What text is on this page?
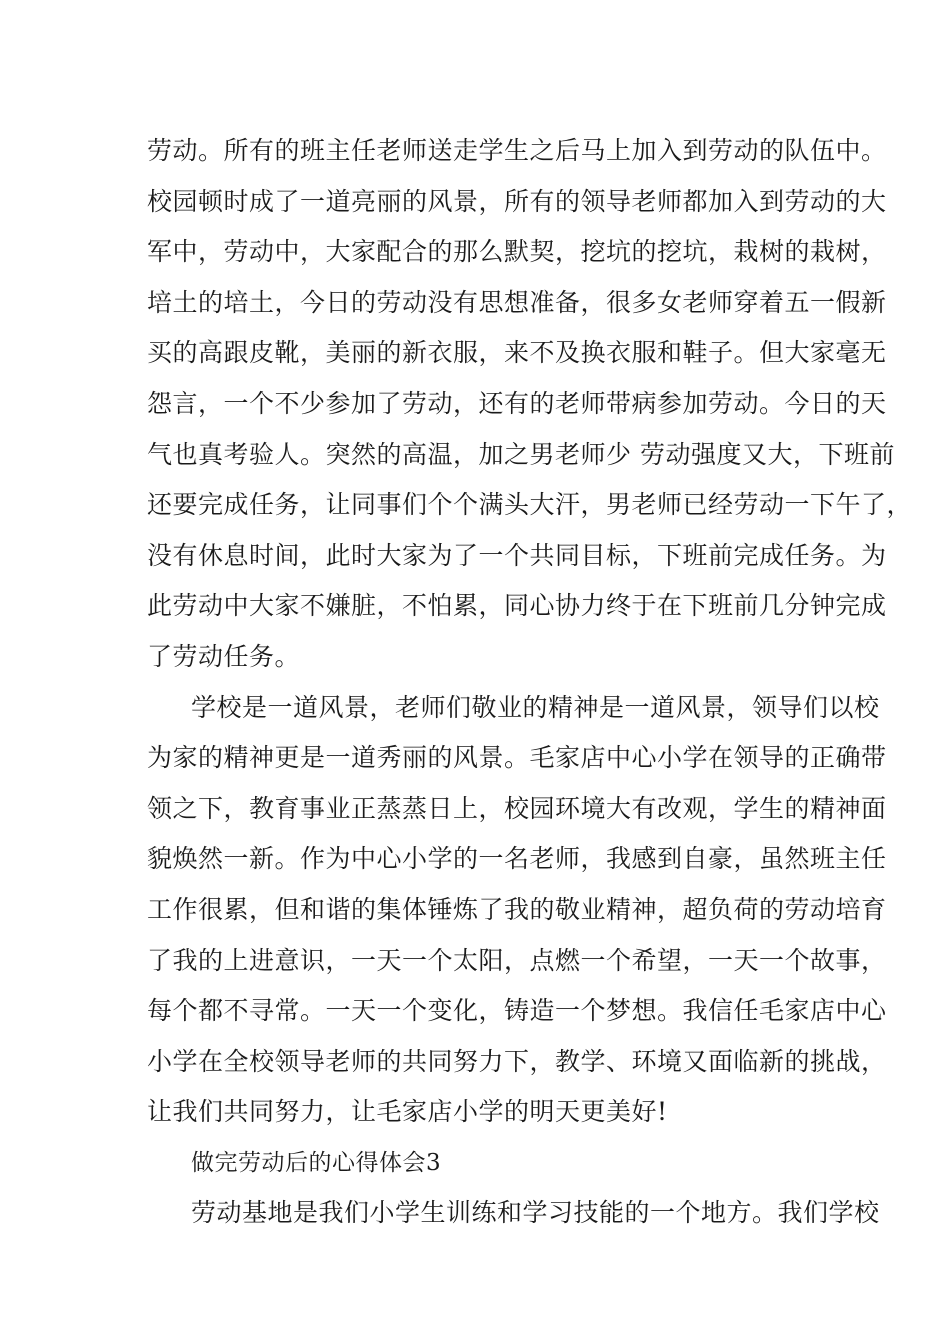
劳动。所有的班主任老师送走学生之后马上加入到劳动的队伍中。
校园顿时成了一道亮丽的风景，所有的领导老师都加入到劳动的大
军中，劳动中，大家配合的那么默契，挖坑的挖坑，栽树的栽树，
培土的培土，今日的劳动没有思想准备，很多女老师穿着五一假新
买的高跟皮靴，美丽的新衣服，来不及换衣服和鞋子。但大家毫无
怨言，一个不少参加了劳动，还有的老师带病参加劳动。今日的天
气也真考验人。突然的高温，加之男老师少 劳动强度又大，下班前
还要完成任务，让同事们个个满头大汗，男老师已经劳动一下午了，
没有休息时间，此时大家为了一个共同目标，下班前完成任务。为
此劳动中大家不嫌脏，不怕累，同心协力终于在下班前几分钟完成
了劳动任务。
学校是一道风景，老师们敬业的精神是一道风景，领导们以校
为家的精神更是一道秀丽的风景。毛家店中心小学在领导的正确带
领之下，教育事业正蒸蒸日上，校园环境大有改观，学生的精神面
貌焕然一新。作为中心小学的一名老师，我感到自豪，虽然班主任
工作很累，但和谐的集体锤炼了我的敬业精神，超负荷的劳动培育
了我的上进意识，一天一个太阳，点燃一个希望，一天一个故事，
每个都不寻常。一天一个变化，铸造一个梦想。我信任毛家店中心
小学在全校领导老师的共同努力下，教学、环境又面临新的挑战，
让我们共同努力，让毛家店小学的明天更美好!
做完劳动后的心得体会3
劳动基地是我们小学生训练和学习技能的一个地方。我们学校
